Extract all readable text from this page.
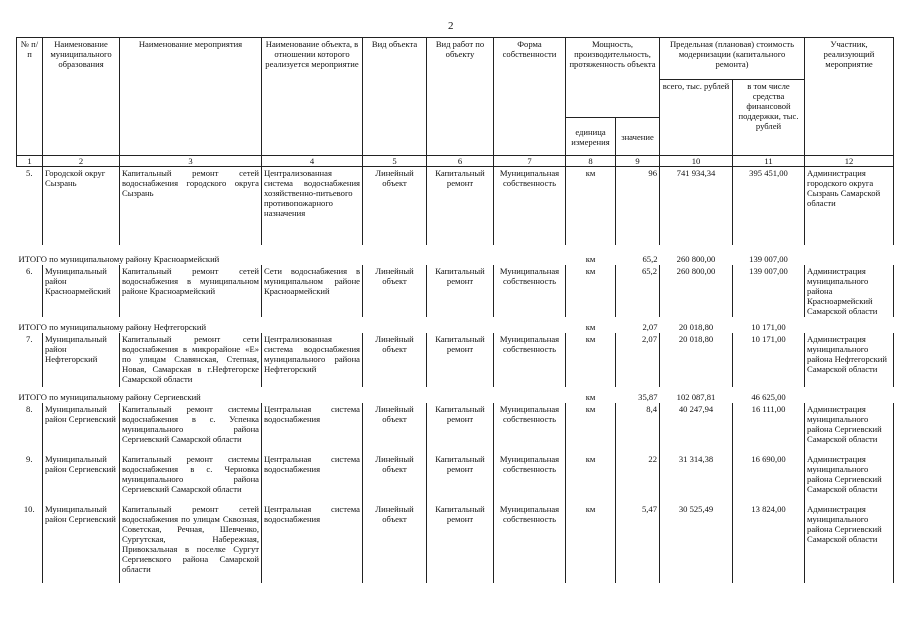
2
№ п/п	Наименование муниципального образования	Наименование мероприятия	Наименование объекта, в отношении которого реализуется мероприятие	Вид объекта	Вид работ по объекту	Форма собственности	Мощность, производительность, протяженность объекта		Предельная (плановая) стоимость модернизации (капитального ремонта)		Участник, реализующий мероприятие
									всего, тыс. рублей	в том числе средства финансовой поддержки, тыс. рублей	
							единица измерения	значение			
1	2	3	4	5	6	7	8	9	10	11	12
5.	Городской округ Сызрань	Капитальный ремонт сетей водоснабжения городского округа Сызрань	Централизованная система водоснабжения хозяйственно-питьевого противопожарного назначения	Линейный объект	Капитальный ремонт	Муниципальная собственность	км	96	741 934,34	395 451,00	Администрация городского округа Сызрань Самарской области
ИТОГО по муниципальному району Красноармейский							км	65,2	260 800,00	139 007,00	
6.	Муниципальный район Красноармейский	Капитальный ремонт сетей водоснабжения в муниципальном районе Красноармейский	Сети водоснабжения в муниципальном районе Красноармейский	Линейный объект	Капитальный ремонт	Муниципальная собственность	км	65,2	260 800,00	139 007,00	Администрация муниципального района Красноармейский Самарской области
ИТОГО по муниципальному району Нефтегорский							км	2,07	20 018,80	10 171,00	
7.	Муниципальный район Нефтегорский	Капитальный ремонт сети водоснабжения в микрорайоне «Е» по улицам Славянская, Степная, Новая, Самарская в г.Нефтегорске Самарской области	Централизованная система водоснабжения муниципального района Нефтегорский	Линейный объект	Капитальный ремонт	Муниципальная собственность	км	2,07	20 018,80	10 171,00	Администрация муниципального района Нефтегорский Самарской области
ИТОГО по муниципальному району Сергиевский							км	35,87	102 087,81	46 625,00	
8.	Муниципальный район Сергиевский	Капитальный ремонт системы водоснабжения в с. Успенка муниципального района Сергиевский Самарской области	Центральная система водоснабжения	Линейный объект	Капитальный ремонт	Муниципальная собственность	км	8,4	40 247,94	16 111,00	Администрация муниципального района Сергиевский Самарской области
9.	Муниципальный район Сергиевский	Капитальный ремонт системы водоснабжения в с. Черновка муниципального района Сергиевский Самарской области	Центральная система водоснабжения	Линейный объект	Капитальный ремонт	Муниципальная собственность	км	22	31 314,38	16 690,00	Администрация муниципального района Сергиевский Самарской области
10.	Муниципальный район Сергиевский	Капитальный ремонт сетей водоснабжения по улицам Сквозная, Советская, Речная, Шевченко, Сургутская, Набережная, Привокзальная в поселке Сургут Сергиевского района Самарской области	Центральная система водоснабжения	Линейный объект	Капитальный ремонт	Муниципальная собственность	км	5,47	30 525,49	13 824,00	Администрация муниципального района Сергиевский Самарской области
